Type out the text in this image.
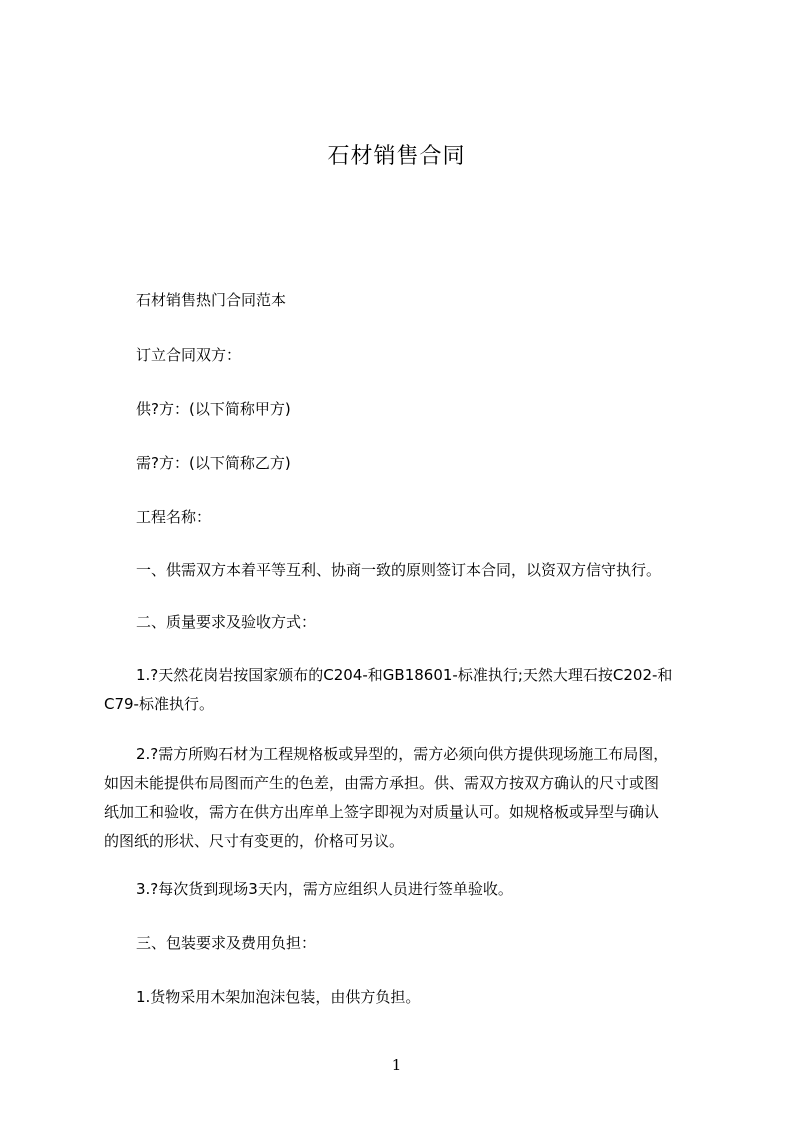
石材销售合同
石材销售热门合同范本
订立合同双方：
供?方：(以下简称甲方)
需?方：(以下简称乙方)
工程名称：
一、供需双方本着平等互利、协商一致的原则签订本合同，以资双方信守执行。
二、质量要求及验收方式：
1.?天然花岗岩按国家颁布的C204-和GB18601-标准执行;天然大理石按C202-和
C79-标准执行。
2.?需方所购石材为工程规格板或异型的，需方必须向供方提供现场施工布局图，
如因未能提供布局图而产生的色差，由需方承担。供、需双方按双方确认的尺寸或图
纸加工和验收，需方在供方出库单上签字即视为对质量认可。如规格板或异型与确认
的图纸的形状、尺寸有变更的，价格可另议。
3.?每次货到现场3天内，需方应组织人员进行签单验收。
三、包装要求及费用负担：
1.货物采用木架加泡沫包装，由供方负担。
1
